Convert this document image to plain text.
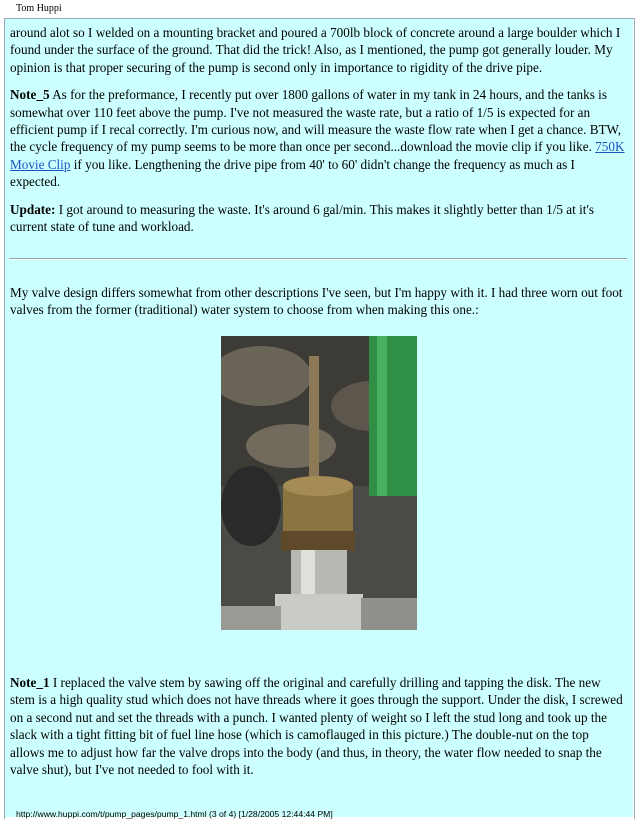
Tom Huppi

around alot so I welded on a mounting bracket and poured a 700lb block of concrete around a large boulder which I found under the surface of the ground. That did the trick! Also, as I mentioned, the pump got generally louder. My opinion is that proper securing of the pump is second only in importance to rigidity of the drive pipe.

Note_5 As for the preformance, I recently put over 1800 gallons of water in my tank in 24 hours, and the tanks is somewhat over 110 feet above the pump. I've not measured the waste rate, but a ratio of 1/5 is expected for an efficient pump if I recal correctly. I'm curious now, and will measure the waste flow rate when I get a chance. BTW, the cycle frequency of my pump seems to be more than once per second...download the movie clip if you like. 750K Movie Clip if you like. Lengthening the drive pipe from 40' to 60' didn't change the frequency as much as I expected.

Update: I got around to measuring the waste. It's around 6 gal/min. This makes it slightly better than 1/5 at it's current state of tune and workload.

My valve design differs somewhat from other descriptions I've seen, but I'm happy with it. I had three worn out foot valves from the former (traditional) water system to choose from when making this one.:

Note_1 I replaced the valve stem by sawing off the original and carefully drilling and tapping the disk. The new stem is a high quality stud which does not have threads where it goes through the support. Under the disk, I screwed on a second nut and set the threads with a punch. I wanted plenty of weight so I left the stud long and took up the slack with a tight fitting bit of fuel line hose (which is camoflauged in this picture.) The double-nut on the top allows me to adjust how far the valve drops into the body (and thus, in theory, the water flow needed to snap the valve shut), but I've not needed to fool with it.

http://www.huppi.com/t/pump_pages/pump_1.html (3 of 4) [1/28/2005 12:44:44 PM]
